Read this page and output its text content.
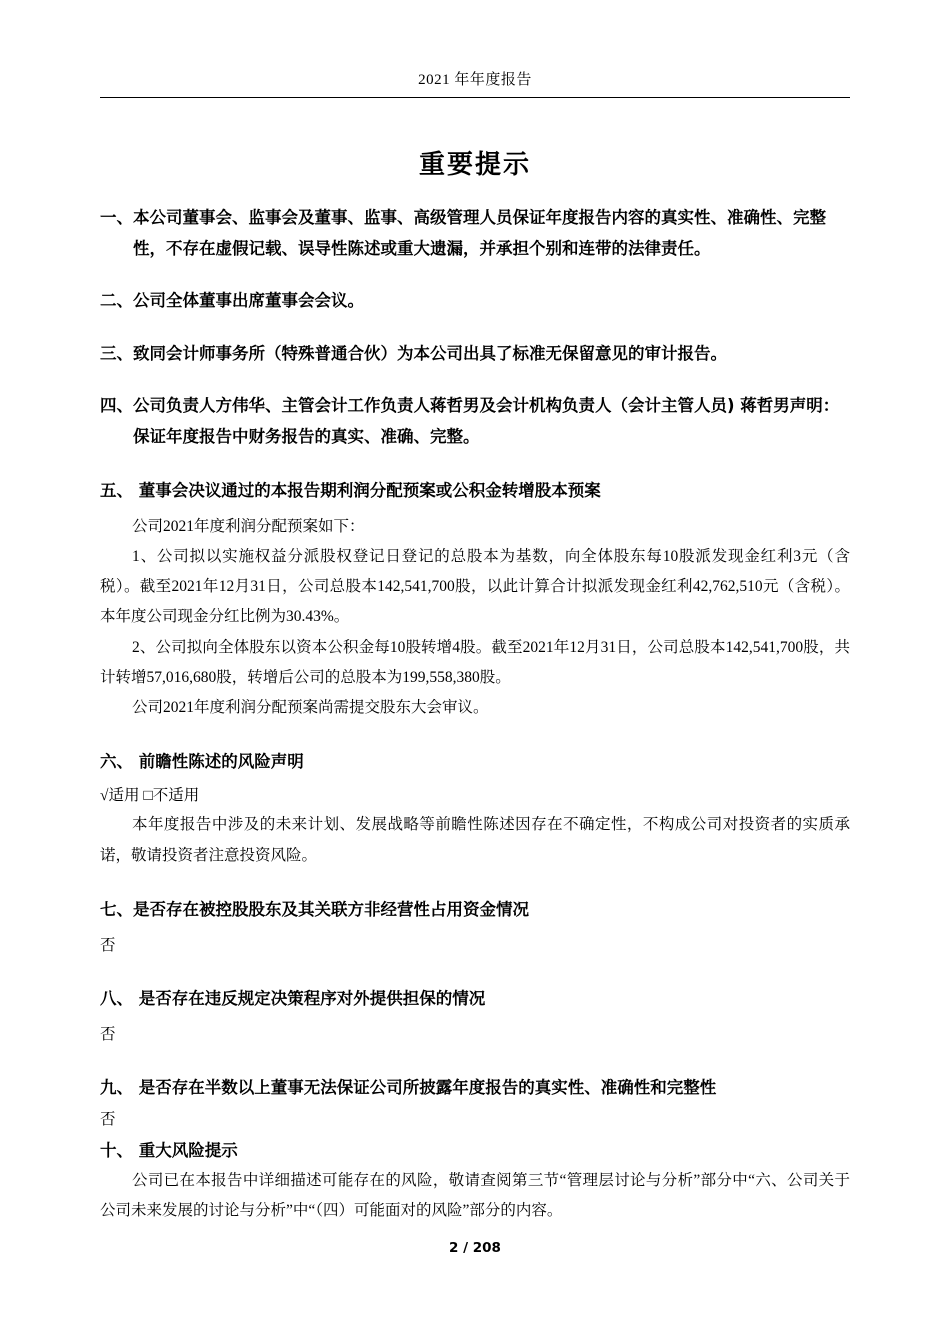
2021 年年度报告
重要提示
一、 本公司董事会、监事会及董事、监事、高级管理人员保证年度报告内容的真实性、准确性、完整性，不存在虚假记载、误导性陈述或重大遗漏，并承担个别和连带的法律责任。
二、 公司全体董事出席董事会会议。
三、 致同会计师事务所（特殊普通合伙）为本公司出具了标准无保留意见的审计报告。
四、 公司负责人方伟华、主管会计工作负责人蒋哲男及会计机构负责人（会计主管人员) 蒋哲男声明：保证年度报告中财务报告的真实、准确、完整。
五、 董事会决议通过的本报告期利润分配预案或公积金转增股本预案
公司2021年度利润分配预案如下：
1、公司拟以实施权益分派股权登记日登记的总股本为基数，向全体股东每10股派发现金红利3元（含税）。截至2021年12月31日，公司总股本142,541,700股，以此计算合计拟派发现金红利42,762,510元（含税）。本年度公司现金分红比例为30.43%。
2、公司拟向全体股东以资本公积金每10股转增4股。截至2021年12月31日，公司总股本142,541,700股，共计转增57,016,680股，转增后公司的总股本为199,558,380股。
公司2021年度利润分配预案尚需提交股东大会审议。
六、 前瞻性陈述的风险声明
√适用 □不适用
本年度报告中涉及的未来计划、发展战略等前瞻性陈述因存在不确定性，不构成公司对投资者的实质承诺，敬请投资者注意投资风险。
七、是否存在被控股股东及其关联方非经营性占用资金情况
否
八、 是否存在违反规定决策程序对外提供担保的情况
否
九、 是否存在半数以上董事无法保证公司所披露年度报告的真实性、准确性和完整性
否
十、 重大风险提示
公司已在本报告中详细描述可能存在的风险，敬请查阅第三节“管理层讨论与分析”部分中“六、公司关于公司未来发展的讨论与分析”中“（四）可能面对的风险”部分的内容。
2 / 208
